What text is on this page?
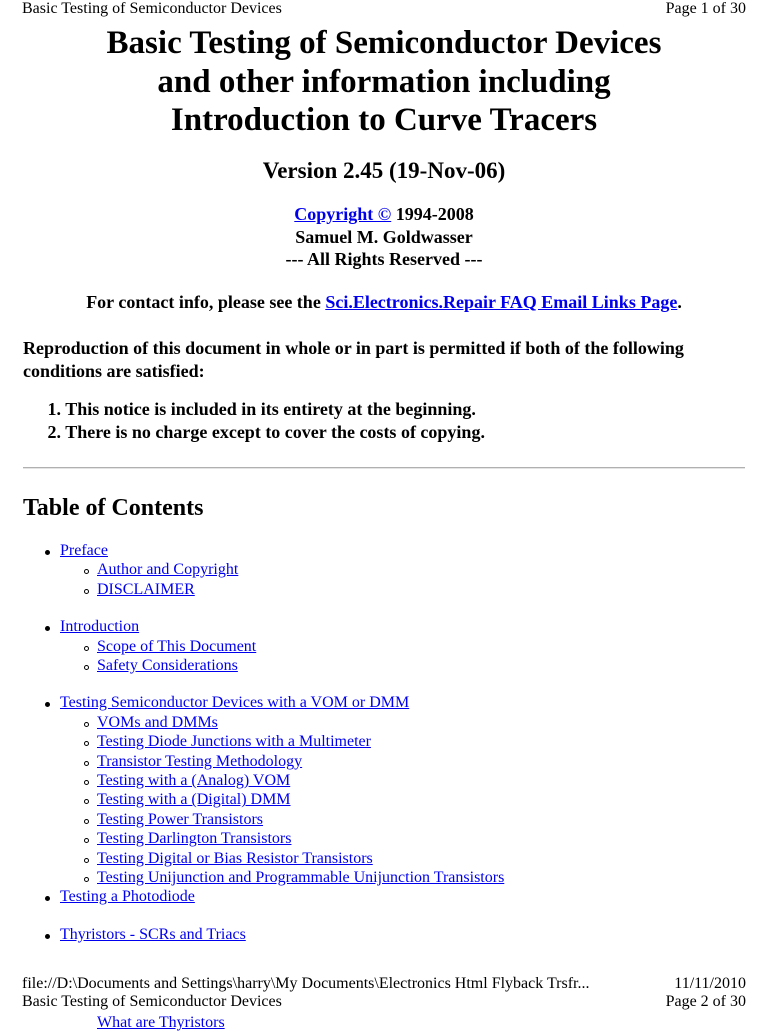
Basic Testing of Semiconductor Devices	Page 1 of 30
Basic Testing of Semiconductor Devices
and other information including
Introduction to Curve Tracers
Version 2.45 (19-Nov-06)
Copyright © 1994-2008
Samuel M. Goldwasser
--- All Rights Reserved ---
For contact info, please see the Sci.Electronics.Repair FAQ Email Links Page.
Reproduction of this document in whole or in part is permitted if both of the following conditions are satisfied:
1. This notice is included in its entirety at the beginning.
2. There is no charge except to cover the costs of copying.
Table of Contents
Preface
Author and Copyright
DISCLAIMER
Introduction
Scope of This Document
Safety Considerations
Testing Semiconductor Devices with a VOM or DMM
VOMs and DMMs
Testing Diode Junctions with a Multimeter
Transistor Testing Methodology
Testing with a (Analog) VOM
Testing with a (Digital) DMM
Testing Power Transistors
Testing Darlington Transistors
Testing Digital or Bias Resistor Transistors
Testing Unijunction and Programmable Unijunction Transistors
Testing a Photodiode
Thyristors - SCRs and Triacs
file://D:\Documents and Settings\harry\My Documents\Electronics Html Flyback Trsfr...	11/11/2010
Basic Testing of Semiconductor Devices	Page 2 of 30
What are Thyristors
